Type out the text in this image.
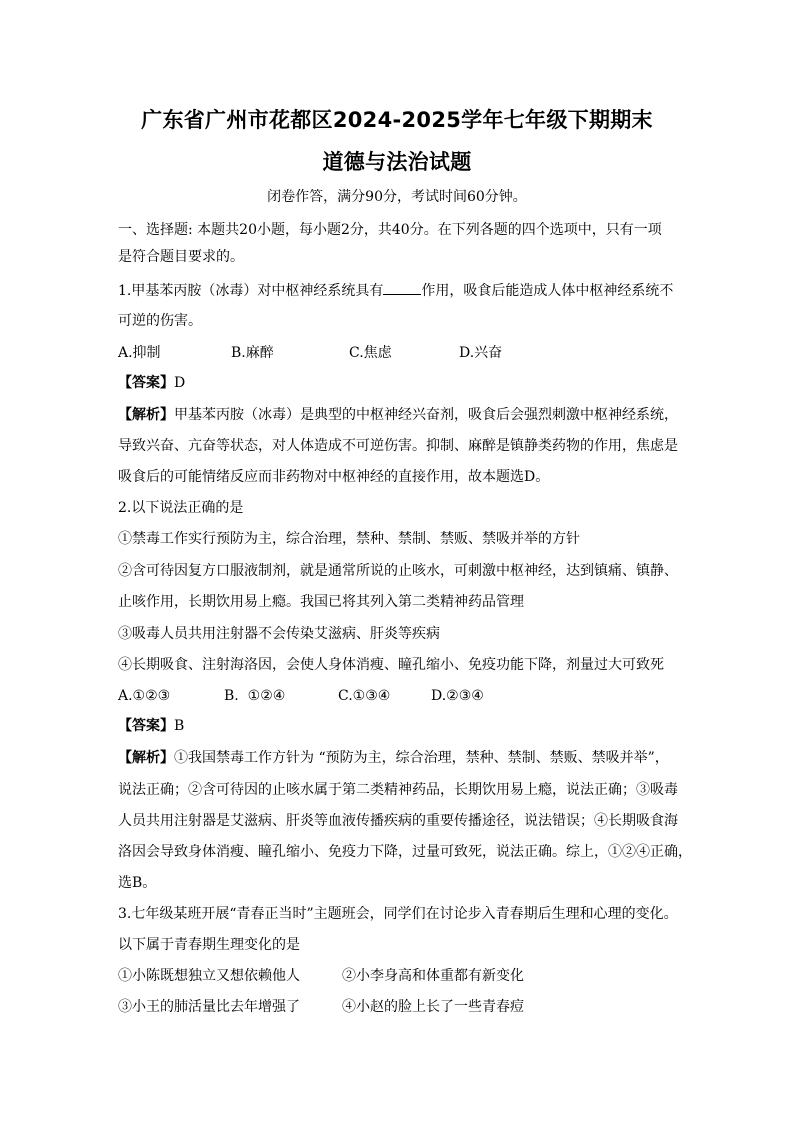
广东省广州市花都区2024-2025学年七年级下期期末
道德与法治试题
闭卷作答，满分90分，考试时间60分钟。
一、选择题: 本题共20小题，每小题2分，共40分。在下列各题的四个选项中，只有一项
是符合题目要求的。
1.甲基苯丙胺（冰毒）对中枢神经系统具有	作用，吸食后能造成人体中枢神经系统不
可逆的伤害。
A.抑制	B.麻醉	C.焦虑	D.兴奋
【答案】D
【解析】甲基苯丙胺（冰毒）是典型的中枢神经兴奋剂，吸食后会强烈刺激中枢神经系统，
导致兴奋、亢奋等状态，对人体造成不可逆伤害。抑制、麻醉是镇静类药物的作用，焦虑是
吸食后的可能情绪反应而非药物对中枢神经的直接作用，故本题选D。
2.以下说法正确的是
①禁毒工作实行预防为主，综合治理，禁种、禁制、禁贩、禁吸并举的方针
②含可待因复方口服液制剂，就是通常所说的止咳水，可刺激中枢神经，达到镇痛、镇静、
止咳作用，长期饮用易上瘾。我国已将其列入第二类精神药品管理
③吸毒人员共用注射器不会传染艾滋病、肝炎等疾病
④长期吸食、注射海洛因，会使人身体消瘦、瞳孔缩小、免疫功能下降，剂量过大可致死
A.①②③	B.  ①②④	C.①③④	D.②③④
【答案】B
【解析】①我国禁毒工作方针为 “预防为主，综合治理，禁种、禁制、禁贩、禁吸并举”，
说法正确；②含可待因的止咳水属于第二类精神药品，长期饮用易上瘾，说法正确；③吸毒
人员共用注射器是艾滋病、肝炎等血液传播疾病的重要传播途径，说法错误；④长期吸食海
洛因会导致身体消瘦、瞳孔缩小、免疫力下降，过量可致死，说法正确。综上，①②④正确，
选B。
3.七年级某班开展“青春正当时”主题班会，同学们在讨论步入青春期后生理和心理的变化。
以下属于青春期生理变化的是
①小陈既想独立又想依赖他人	②小李身高和体重都有新变化
③小王的肺活量比去年增强了	④小赵的脸上长了一些青春痘
